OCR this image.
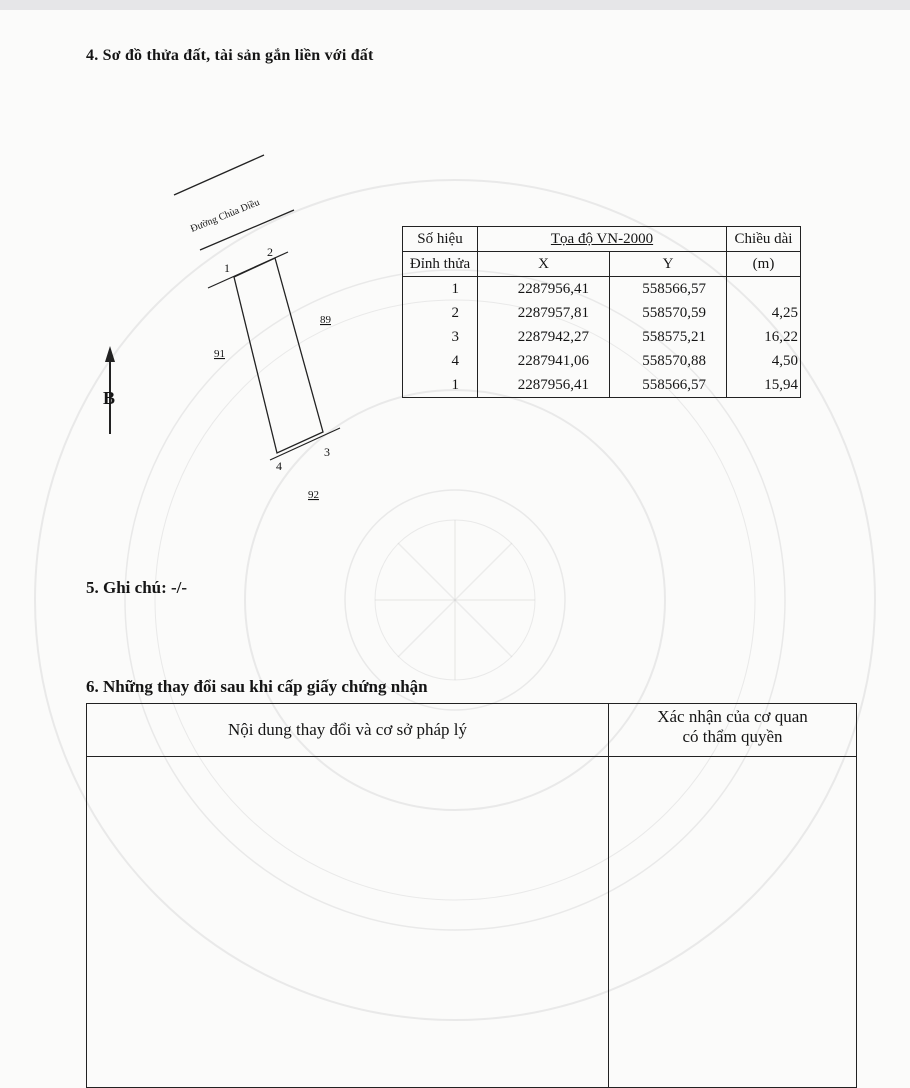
4. Sơ đồ thửa đất, tài sản gắn liền với đất
Đường Chùa Diều
1
2
3
4
89
91
92
B
Số hiệu	Tọa độ VN-2000		Chiều dài
Đỉnh thửa	X	Y	(m)
1	2287956,41	558566,57	
2	2287957,81	558570,59	4,25
3	2287942,27	558575,21	16,22
4	2287941,06	558570,88	4,50
1	2287956,41	558566,57	15,94
5. Ghi chú: -/-
6. Những thay đổi sau khi cấp giấy chứng nhận
Nội dung thay đổi và cơ sở pháp lý	Xác nhận của cơ quan
có thẩm quyền
